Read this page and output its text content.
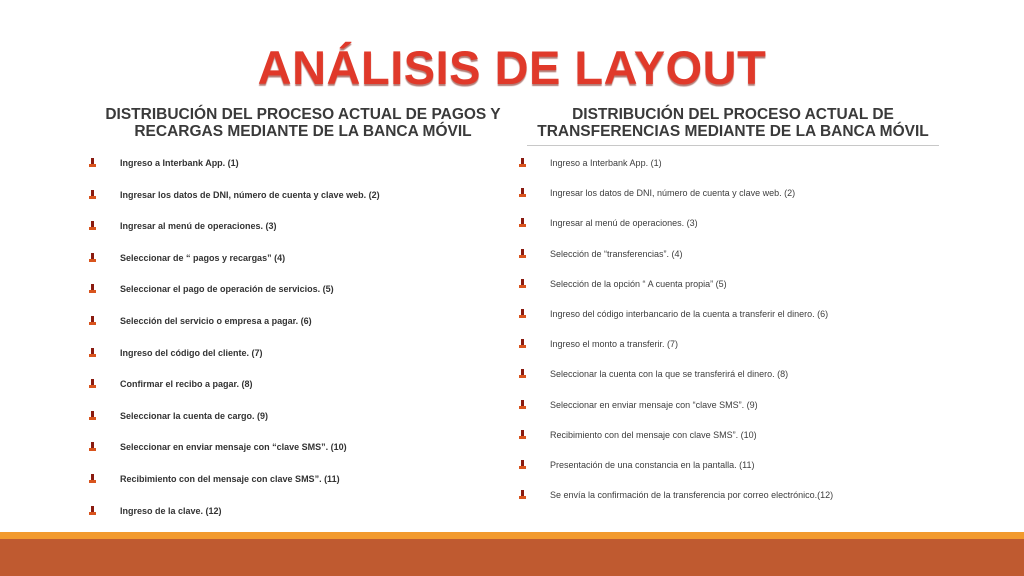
ANÁLISIS DE LAYOUT
DISTRIBUCIÓN DEL PROCESO ACTUAL DE PAGOS Y
RECARGAS MEDIANTE DE LA BANCA MÓVIL
DISTRIBUCIÓN DEL PROCESO ACTUAL DE
TRANSFERENCIAS MEDIANTE DE LA BANCA MÓVIL
Ingreso a Interbank App. (1)
Ingresar los datos de DNI, número de cuenta y clave web. (2)
Ingresar al menú de operaciones. (3)
Seleccionar de “ pagos y recargas” (4)
Seleccionar el pago de operación de servicios. (5)
Selección del servicio o empresa a pagar. (6)
Ingreso del código del cliente. (7)
Confirmar el recibo a pagar. (8)
Seleccionar la cuenta de cargo. (9)
Seleccionar en enviar mensaje con “clave SMS”. (10)
Recibimiento con del mensaje con clave SMS”. (11)
Ingreso de la clave. (12)
Ingreso a Interbank App. (1)
Ingresar los datos de DNI, número de cuenta y clave web. (2)
Ingresar al menú de operaciones. (3)
Selección de “transferencias”. (4)
Selección de la opción “ A cuenta propia” (5)
Ingreso del código interbancario de la cuenta a transferir el dinero. (6)
Ingreso el monto a transferir. (7)
Seleccionar la cuenta con la que se transferirá el dinero. (8)
Seleccionar en enviar mensaje con “clave SMS”. (9)
Recibimiento con del mensaje con clave SMS”. (10)
Presentación de una constancia en la pantalla. (11)
Se envía la confirmación de la transferencia por correo electrónico.(12)
